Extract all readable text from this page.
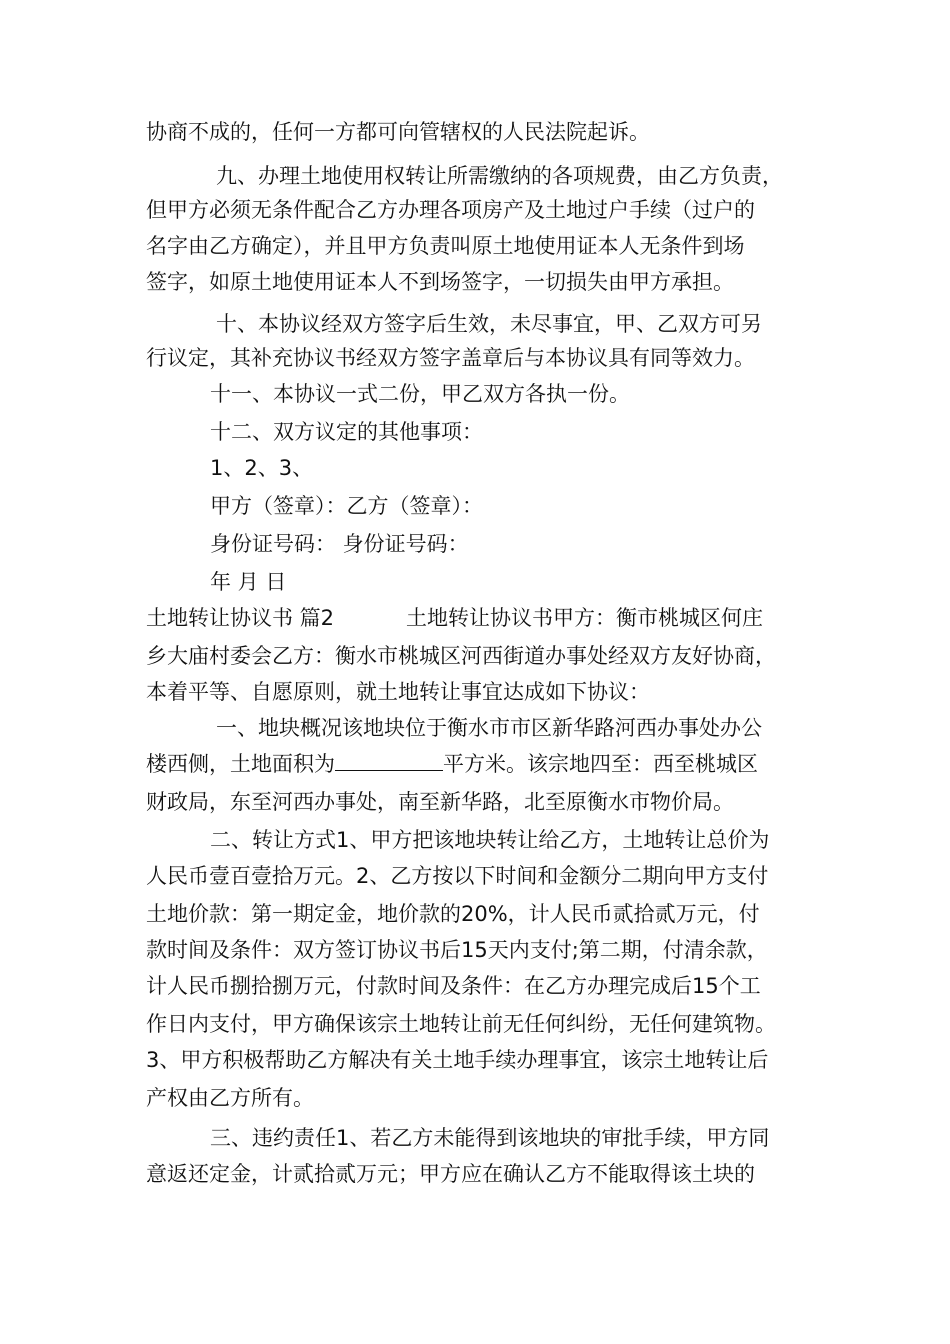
协商不成的，任何一方都可向管辖权的人民法院起诉。
九、办理土地使用权转让所需缴纳的各项规费，由乙方负责，
但甲方必须无条件配合乙方办理各项房产及土地过户手续（过户的
名字由乙方确定），并且甲方负责叫原土地使用证本人无条件到场
签字，如原土地使用证本人不到场签字，一切损失由甲方承担。
十、本协议经双方签字后生效，未尽事宜，甲、乙双方可另
行议定，其补充协议书经双方签字盖章后与本协议具有同等效力。
十一、本协议一式二份，甲乙双方各执一份。
十二、双方议定的其他事项：
1、2、3、
甲方（签章）：乙方（签章）：
身份证号码： 身份证号码：
年 月 日
土地转让协议书 篇2	土地转让协议书甲方：衡市桃城区何庄
乡大庙村委会乙方：衡水市桃城区河西街道办事处经双方友好协商，
本着平等、自愿原则，就土地转让事宜达成如下协议：
一、地块概况该地块位于衡水市市区新华路河西办事处办公
楼西侧，土地面积为	平方米。该宗地四至：西至桃城区
财政局，东至河西办事处，南至新华路，北至原衡水市物价局。
二、转让方式1、甲方把该地块转让给乙方，土地转让总价为
人民币壹百壹拾万元。2、乙方按以下时间和金额分二期向甲方支付
土地价款：第一期定金，地价款的20%，计人民币贰拾贰万元，付
款时间及条件：双方签订协议书后15天内支付;第二期，付清余款，
计人民币捌拾捌万元，付款时间及条件：在乙方办理完成后15个工
作日内支付，甲方确保该宗土地转让前无任何纠纷，无任何建筑物。
3、甲方积极帮助乙方解决有关土地手续办理事宜，该宗土地转让后
产权由乙方所有。
三、违约责任1、若乙方未能得到该地块的审批手续，甲方同
意返还定金，计贰拾贰万元；甲方应在确认乙方不能取得该土块的
